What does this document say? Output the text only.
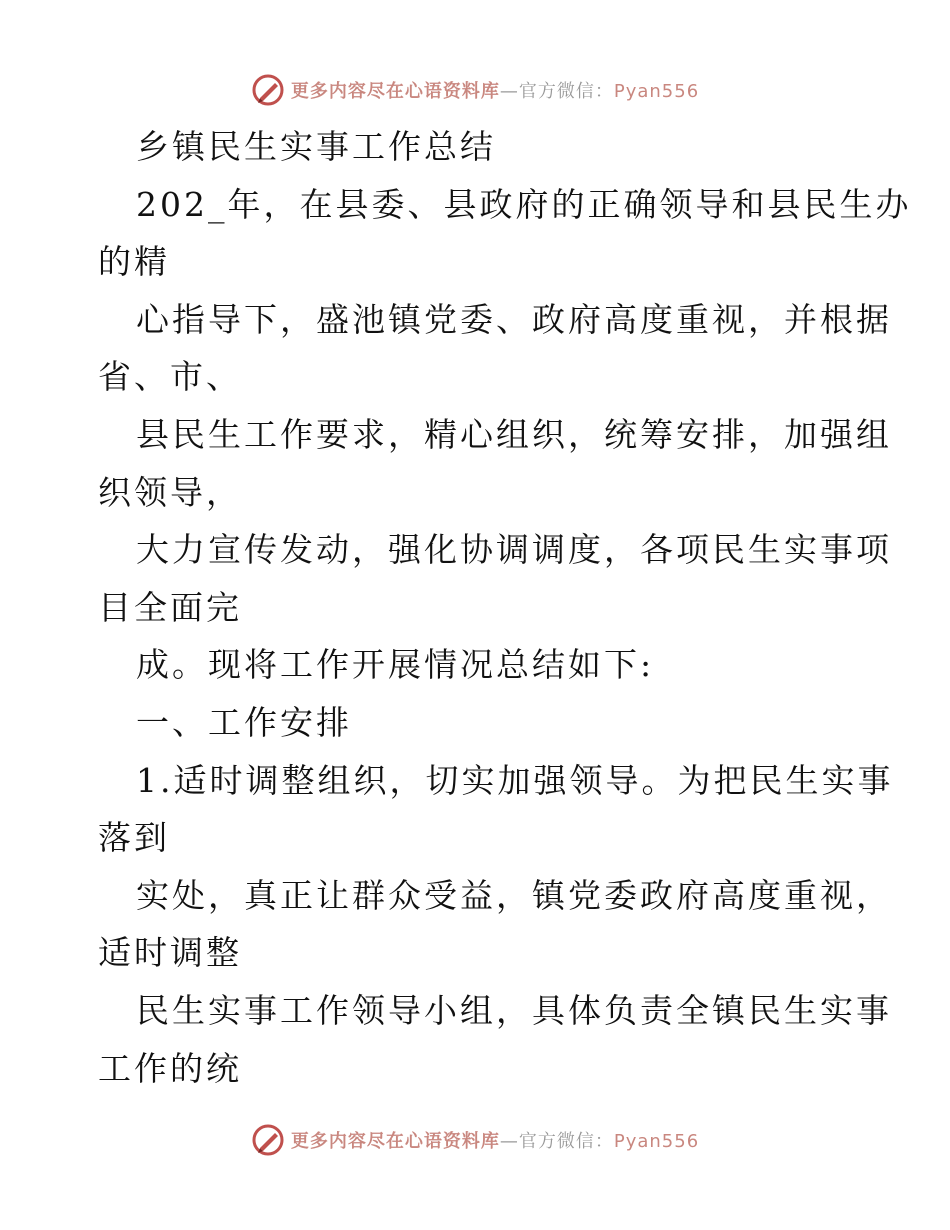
更多内容尽在心语资料库—官方微信：Pyan556
乡镇民生实事工作总结
202_年，在县委、县政府的正确领导和县民生办
的精
心指导下，盛池镇党委、政府高度重视，并根据
省、市、
县民生工作要求，精心组织，统筹安排，加强组
织领导，
大力宣传发动，强化协调调度，各项民生实事项
目全面完
成。现将工作开展情况总结如下:
一、工作安排
1.适时调整组织，切实加强领导。为把民生实事
落到
实处，真正让群众受益，镇党委政府高度重视，
适时调整
民生实事工作领导小组，具体负责全镇民生实事
工作的统
更多内容尽在心语资料库—官方微信：Pyan556
